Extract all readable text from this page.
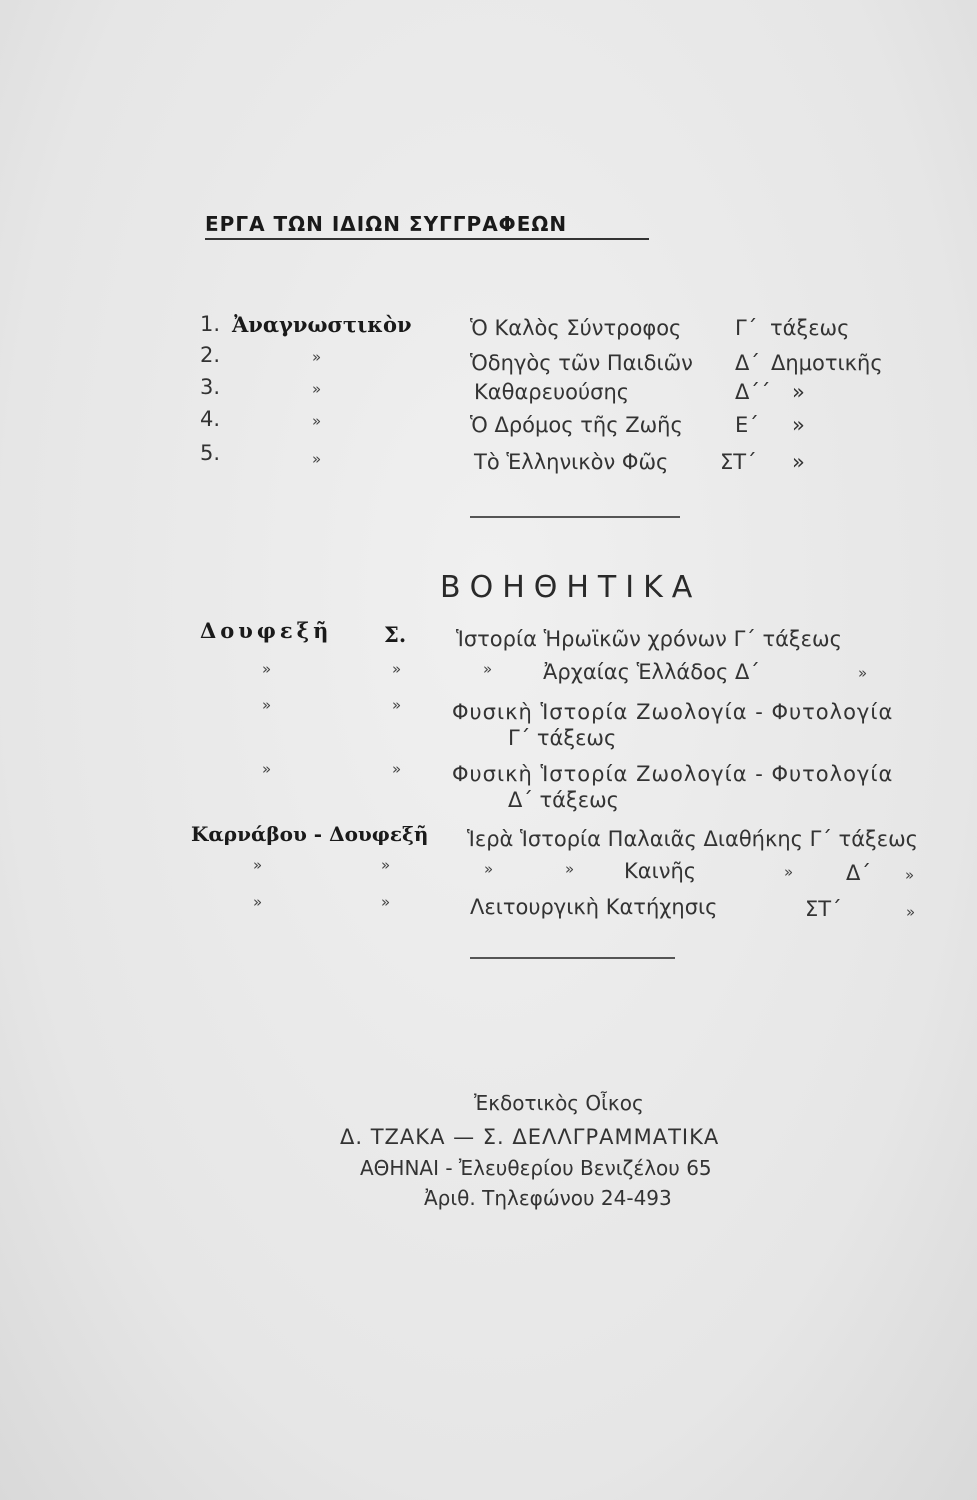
ΕΡΓΑ ΤΩΝ ΙΔΙΩΝ ΣΥΓΓΡΑΦΕΩΝ
1. Ἀναγνωστικὸν	Ὁ Καλὸς Σύντροφος	Γ΄ τάξεως
2.	»	Ὁδηγὸς τῶν Παιδιῶν Δ΄ Δημοτικῆς
3.	»	Καθαρευούσης	Δ΄΄ »
4.	»	Ὁ Δρόμος τῆς Ζωῆς Ε΄ »
5.	»	Τὸ Ἑλληνικὸν Φῶς ΣΤ΄ »
ΒΟΗΘΗΤΙΚΑ
Δουφεξῆ Σ. Ἱστορία Ἡρωϊκῶν χρόνων Γ΄ τάξεως
»	»	» Ἀρχαίας Ἑλλάδος Δ΄	»
»	» Φυσικὴ Ἱστορία Ζωολογία - Φυτολογία
Γ΄ τάξεως
»	» Φυσικὴ Ἱστορία Ζωολογία - Φυτολογία
Δ΄ τάξεως
Καρνάβου - Δουφεξῆ Ἱερὰ Ἱστορία Παλαιᾶς Διαθήκης Γ΄ τάξεως
»	»	»	» Καινῆς	»	Δ΄ »
»	»	Λειτουργικὴ Κατήχησις	ΣΤ΄	»
Ἐκδοτικὸς Οἶκος
Δ. ΤΖΑΚΑ — Σ. ΔΕΛΛΓΡΑΜΜΑΤΙΚΑ
ΑΘΗΝΑΙ - Ἐλευθερίου Βενιζέλου 65
Ἀριθ. Τηλεφώνου 24-493
